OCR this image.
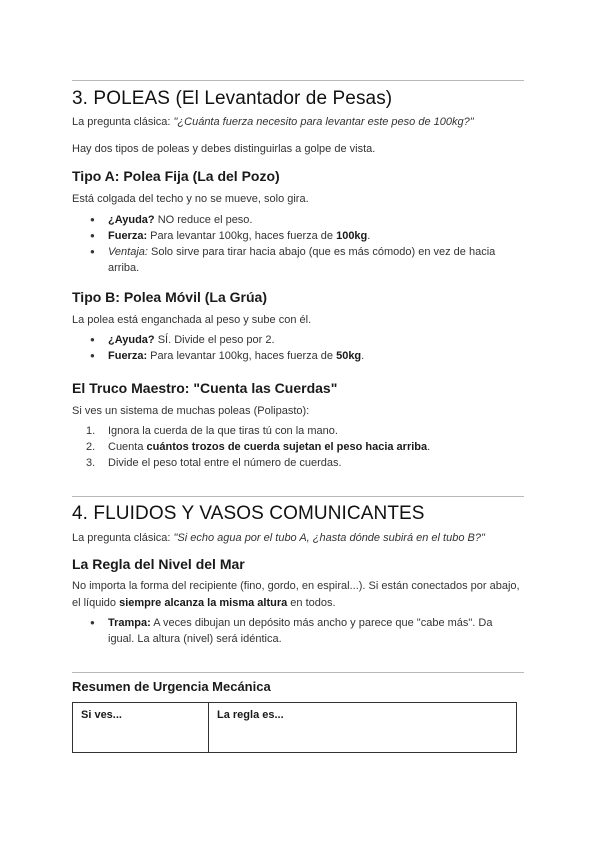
3. POLEAS (El Levantador de Pesas)

La pregunta clásica: "¿Cuánta fuerza necesito para levantar este peso de 100kg?"

Hay dos tipos de poleas y debes distinguirlas a golpe de vista.

Tipo A: Polea Fija (La del Pozo)

Está colgada del techo y no se mueve, solo gira.

● ¿Ayuda? NO reduce el peso.
● Fuerza: Para levantar 100kg, haces fuerza de 100kg.
● Ventaja: Solo sirve para tirar hacia abajo (que es más cómodo) en vez de hacia arriba.
Tipo B: Polea Móvil (La Grúa)

La polea está enganchada al peso y sube con él.

● ¿Ayuda? SÍ. Divide el peso por 2.
● Fuerza: Para levantar 100kg, haces fuerza de 50kg.
El Truco Maestro: "Cuenta las Cuerdas"

Si ves un sistema de muchas poleas (Polipasto):

1. Ignora la cuerda de la que tiras tú con la mano.
2. Cuenta cuántos trozos de cuerda sujetan el peso hacia arriba.
3. Divide el peso total entre el número de cuerdas.
4. FLUIDOS Y VASOS COMUNICANTES

La pregunta clásica: "Si echo agua por el tubo A, ¿hasta dónde subirá en el tubo B?"

La Regla del Nivel del Mar

No importa la forma del recipiente (fino, gordo, en espiral...). Si están conectados por abajo, el líquido siempre alcanza la misma altura en todos.

● Trampa: A veces dibujan un depósito más ancho y parece que "cabe más". Da igual. La altura (nivel) será idéntica.
Resumen de Urgencia Mecánica
Si ves...	La regla es...
